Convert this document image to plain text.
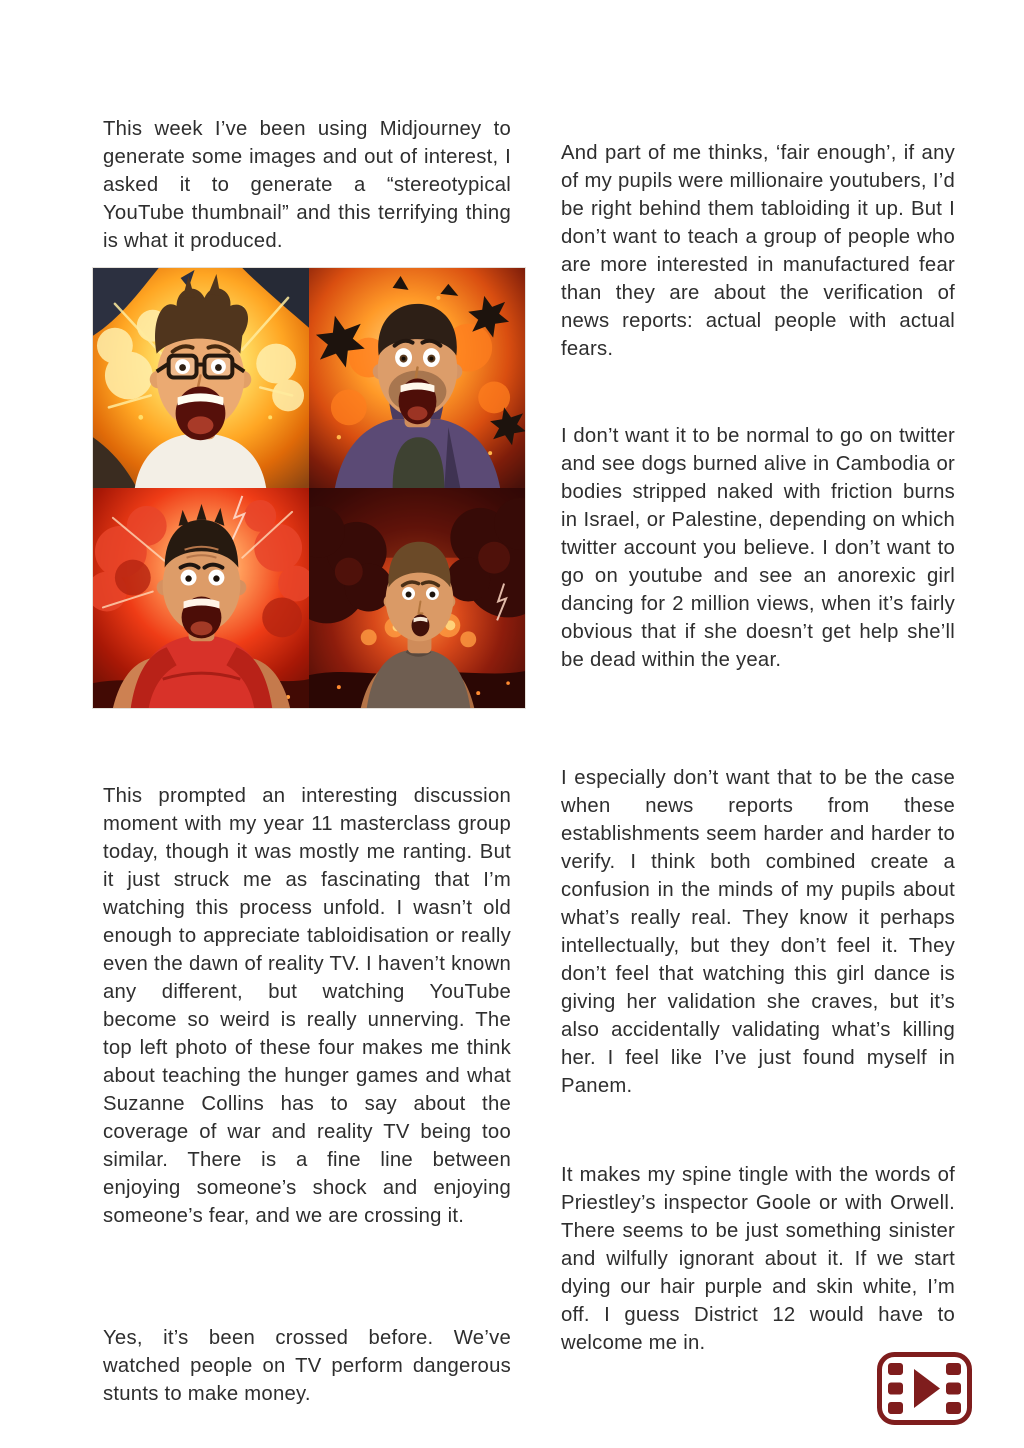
This week I’ve been using Midjourney to generate some images and out of interest, I asked it to generate a “stereotypical YouTube thumbnail” and this terrifying thing is what it produced.

This prompted an interesting discussion moment with my year 11 masterclass group today, though it was mostly me ranting. But it just struck me as fascinating that I’m watching this process unfold. I wasn’t old enough to appreciate tabloidisation or really even the dawn of reality TV. I haven’t known any different, but watching YouTube become so weird is really unnerving. The top left photo of these four makes me think about teaching the hunger games and what Suzanne Collins has to say about the coverage of war and reality TV being too similar. There is a fine line between enjoying someone’s shock and enjoying someone’s fear, and we are crossing it.

Yes, it’s been crossed before. We’ve watched people on TV perform dangerous stunts to make money.

And part of me thinks, ‘fair enough’, if any of my pupils were millionaire youtubers, I’d be right behind them tabloiding it up. But I don’t want to teach a group of people who are more interested in manufactured fear than they are about the verification of news reports: actual people with actual fears.

I don’t want it to be normal to go on twitter and see dogs burned alive in Cambodia or bodies stripped naked with friction burns in Israel, or Palestine, depending on which twitter account you believe. I don’t want to go on youtube and see an anorexic girl dancing for 2 million views, when it’s fairly obvious that if she doesn’t get help she’ll be dead within the year.

I especially don’t want that to be the case when news reports from these establishments seem harder and harder to verify. I think both combined create a confusion in the minds of my pupils about what’s really real. They know it perhaps intellectually, but they don’t feel it. They don’t feel that watching this girl dance is giving her validation she craves, but it’s also accidentally validating what’s killing her. I feel like I’ve just found myself in Panem.

It makes my spine tingle with the words of Priestley’s inspector Goole or with Orwell. There seems to be just something sinister and wilfully ignorant about it. If we start dying our hair purple and skin white, I’m off. I guess District 12 would have to welcome me in.
